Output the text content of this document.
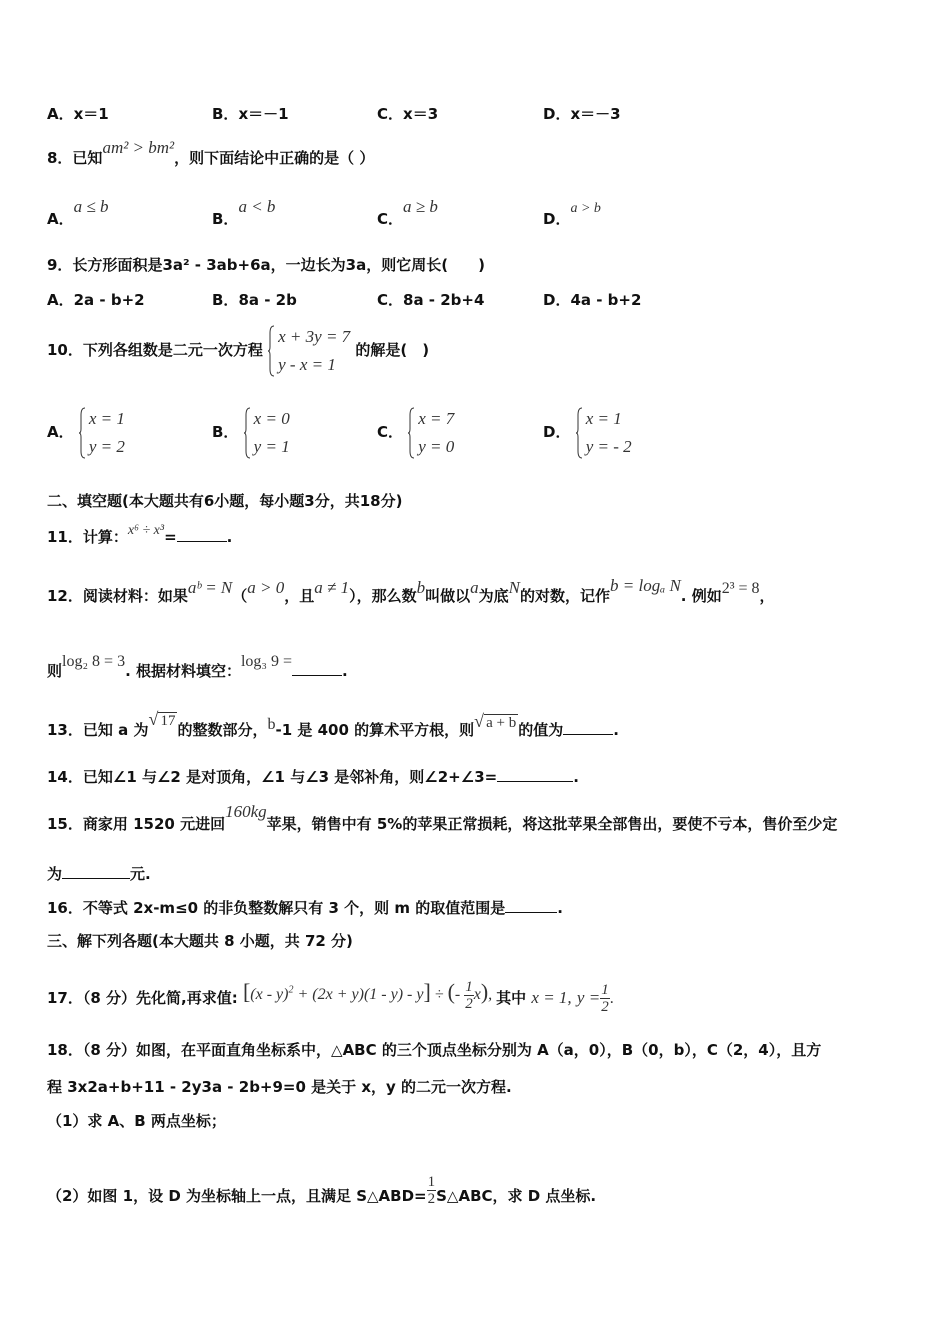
A．x＝1	B．x＝－1	C．x＝3	D．x＝－3
8．已知am² > bm²，则下面结论中正确的是（ ）
A．a ≤ b
B．a < b
C．a ≥ b
D．a > b
9．长方形面积是3a² - 3ab+6a，一边长为3a，则它周长(　　)
A．2a - b+2	B．8a - 2b	C．8a - 2b+4	D．4a - b+2
10．下列各组数是二元一次方程
x + 3y = 7
y - x = 1
的解是(　)
A．
x = 1
y = 2
B．
x = 0
y = 1
C．
x = 7
y = 0
D．
x = 1
y = - 2
二、填空题(本大题共有6小题，每小题3分，共18分)
11．计算：x⁶ ÷ x³=	.
12．阅读材料：如果aᵇ = N（a > 0，且a ≠ 1），那么数b叫做以a为底N的对数，记作b = logₐ N. 例如2³ = 8，
则log₂ 8 = 3. 根据材料填空：log₃ 9 =.
13．已知 a 为
√ 17 的整数部分，b-1 是 400 的算术平方根，则 √ a + b 的值为	.
14．已知∠1 与∠2 是对顶角，∠1 与∠3 是邻补角，则∠2+∠3=	.
15．商家用 1520 元进回160kg苹果，销售中有 5%的苹果正常损耗，将这批苹果全部售出，要使不亏本，售价至少定
为	元.
16．不等式 2x-m≤0 的非负整数解只有 3 个，则 m 的取值范围是	.
三、解下列各题(本大题共 8 小题，共 72 分)
17．（8 分）先化简,再求值: [(x - y)$^2$ + (2x + y)(1 - y) - y] ÷ (- $\frac{1}{2} x$), 其中 x = 1, $y = \frac{1}{2}$ .
18．（8 分）如图，在平面直角坐标系中，△ABC 的三个顶点坐标分别为 A（a，0），B（0，b），C（2，4），且方
程 3x2a+b+11 - 2y3a - 2b+9=0 是关于 x，y 的二元一次方程.
（1）求 A、B 两点坐标；
（2）如图 1，设 D 为坐标轴上一点，且满足 S△ABD= $\frac{1}{2}$ S△ABC，求 D 点坐标.
